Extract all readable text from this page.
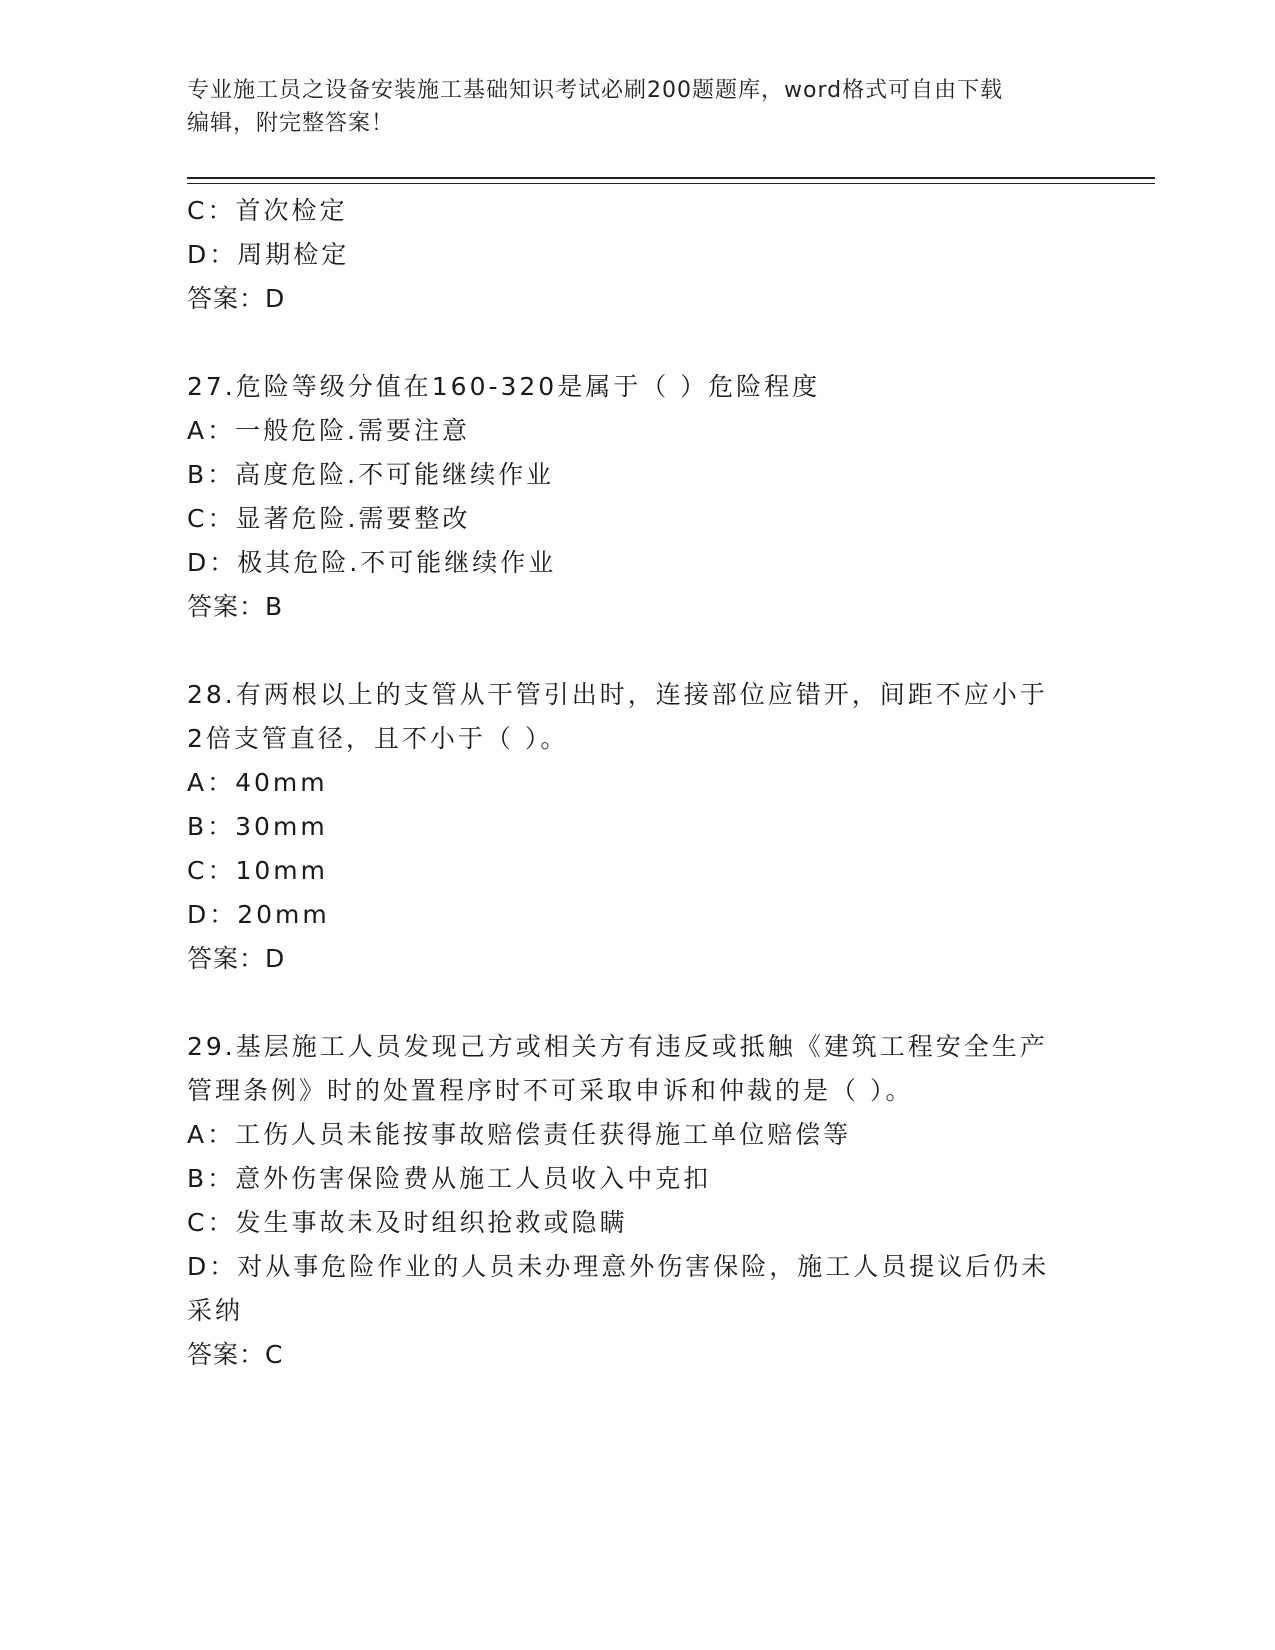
专业施工员之设备安装施工基础知识考试必刷200题题库，word格式可自由下载
编辑，附完整答案！
C：首次检定
D：周期检定
答案：D
27.危险等级分值在160-320是属于（ ）危险程度
A：一般危险.需要注意
B：高度危险.不可能继续作业
C：显著危险.需要整改
D：极其危险.不可能继续作业
答案：B
28.有两根以上的支管从干管引出时，连接部位应错开，间距不应小于
2倍支管直径，且不小于（ ）。
A：40mm
B：30mm
C：10mm
D：20mm
答案：D
29.基层施工人员发现己方或相关方有违反或抵触《建筑工程安全生产
管理条例》时的处置程序时不可采取申诉和仲裁的是（ ）。
A：工伤人员未能按事故赔偿责任获得施工单位赔偿等
B：意外伤害保险费从施工人员收入中克扣
C：发生事故未及时组织抢救或隐瞒
D：对从事危险作业的人员未办理意外伤害保险，施工人员提议后仍未
采纳
答案：C
